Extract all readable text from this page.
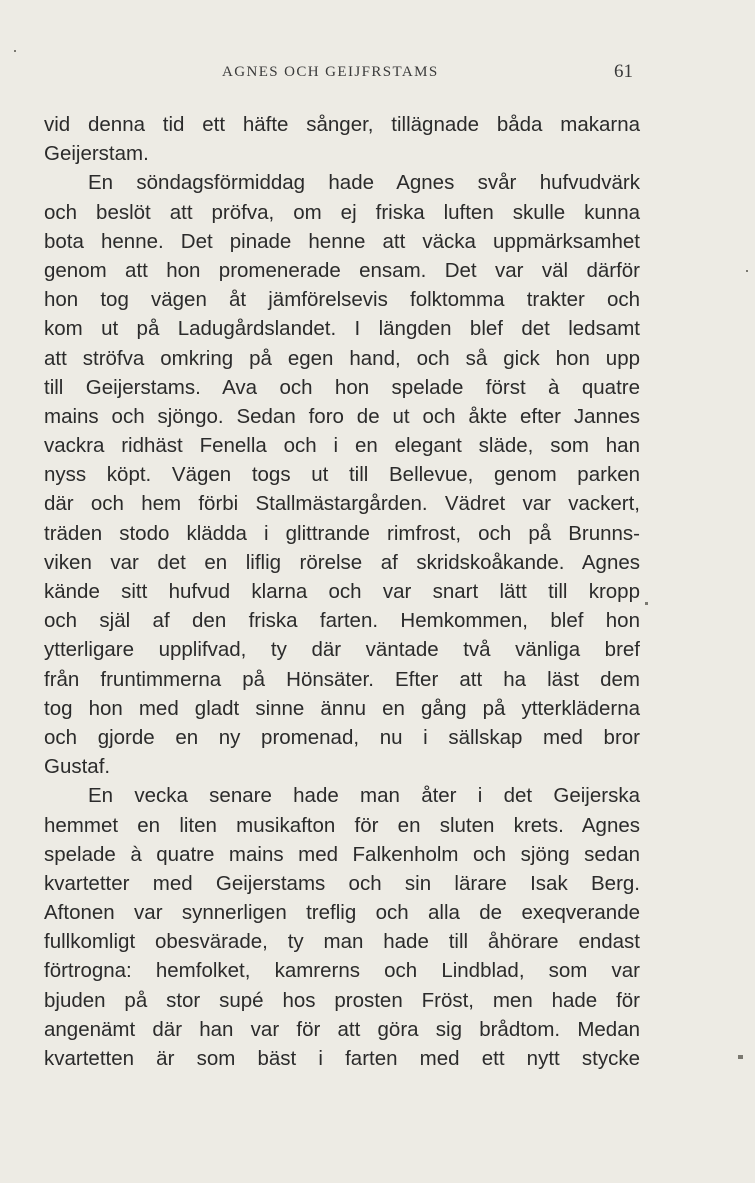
AGNES OCH GEIJFRSTAMS	61
vid denna tid ett häfte sånger, tillägnade båda makarna
Geijerstam.
En söndagsförmiddag hade Agnes svår hufvudvärk
och beslöt att pröfva, om ej friska luften skulle kunna
bota henne. Det pinade henne att väcka uppmärksamhet
genom att hon promenerade ensam. Det var väl därför
hon tog vägen åt jämförelsevis folktomma trakter och
kom ut på Ladugårdslandet. I längden blef det ledsamt
att ströfva omkring på egen hand, och så gick hon upp
till Geijerstams. Ava och hon spelade först à quatre
mains och sjöngo. Sedan foro de ut och åkte efter Jannes
vackra ridhäst Fenella och i en elegant släde, som han
nyss köpt. Vägen togs ut till Bellevue, genom parken
där och hem förbi Stallmästargården. Vädret var vackert,
träden stodo klädda i glittrande rimfrost, och på Brunns-
viken var det en liflig rörelse af skridskoåkande. Agnes
kände sitt hufvud klarna och var snart lätt till kropp
och själ af den friska farten. Hemkommen, blef hon
ytterligare upplifvad, ty där väntade två vänliga bref
från fruntimmerna på Hönsäter. Efter att ha läst dem
tog hon med gladt sinne ännu en gång på ytterkläderna
och gjorde en ny promenad, nu i sällskap med bror
Gustaf.
En vecka senare hade man åter i det Geijerska
hemmet en liten musikafton för en sluten krets. Agnes
spelade à quatre mains med Falkenholm och sjöng sedan
kvartetter med Geijerstams och sin lärare Isak Berg.
Aftonen var synnerligen treflig och alla de exeqverande
fullkomligt obesvärade, ty man hade till åhörare endast
förtrogna: hemfolket, kamrerns och Lindblad, som var
bjuden på stor supé hos prosten Fröst, men hade för
angenämt där han var för att göra sig brådtom. Medan
kvartetten är som bäst i farten med ett nytt stycke
